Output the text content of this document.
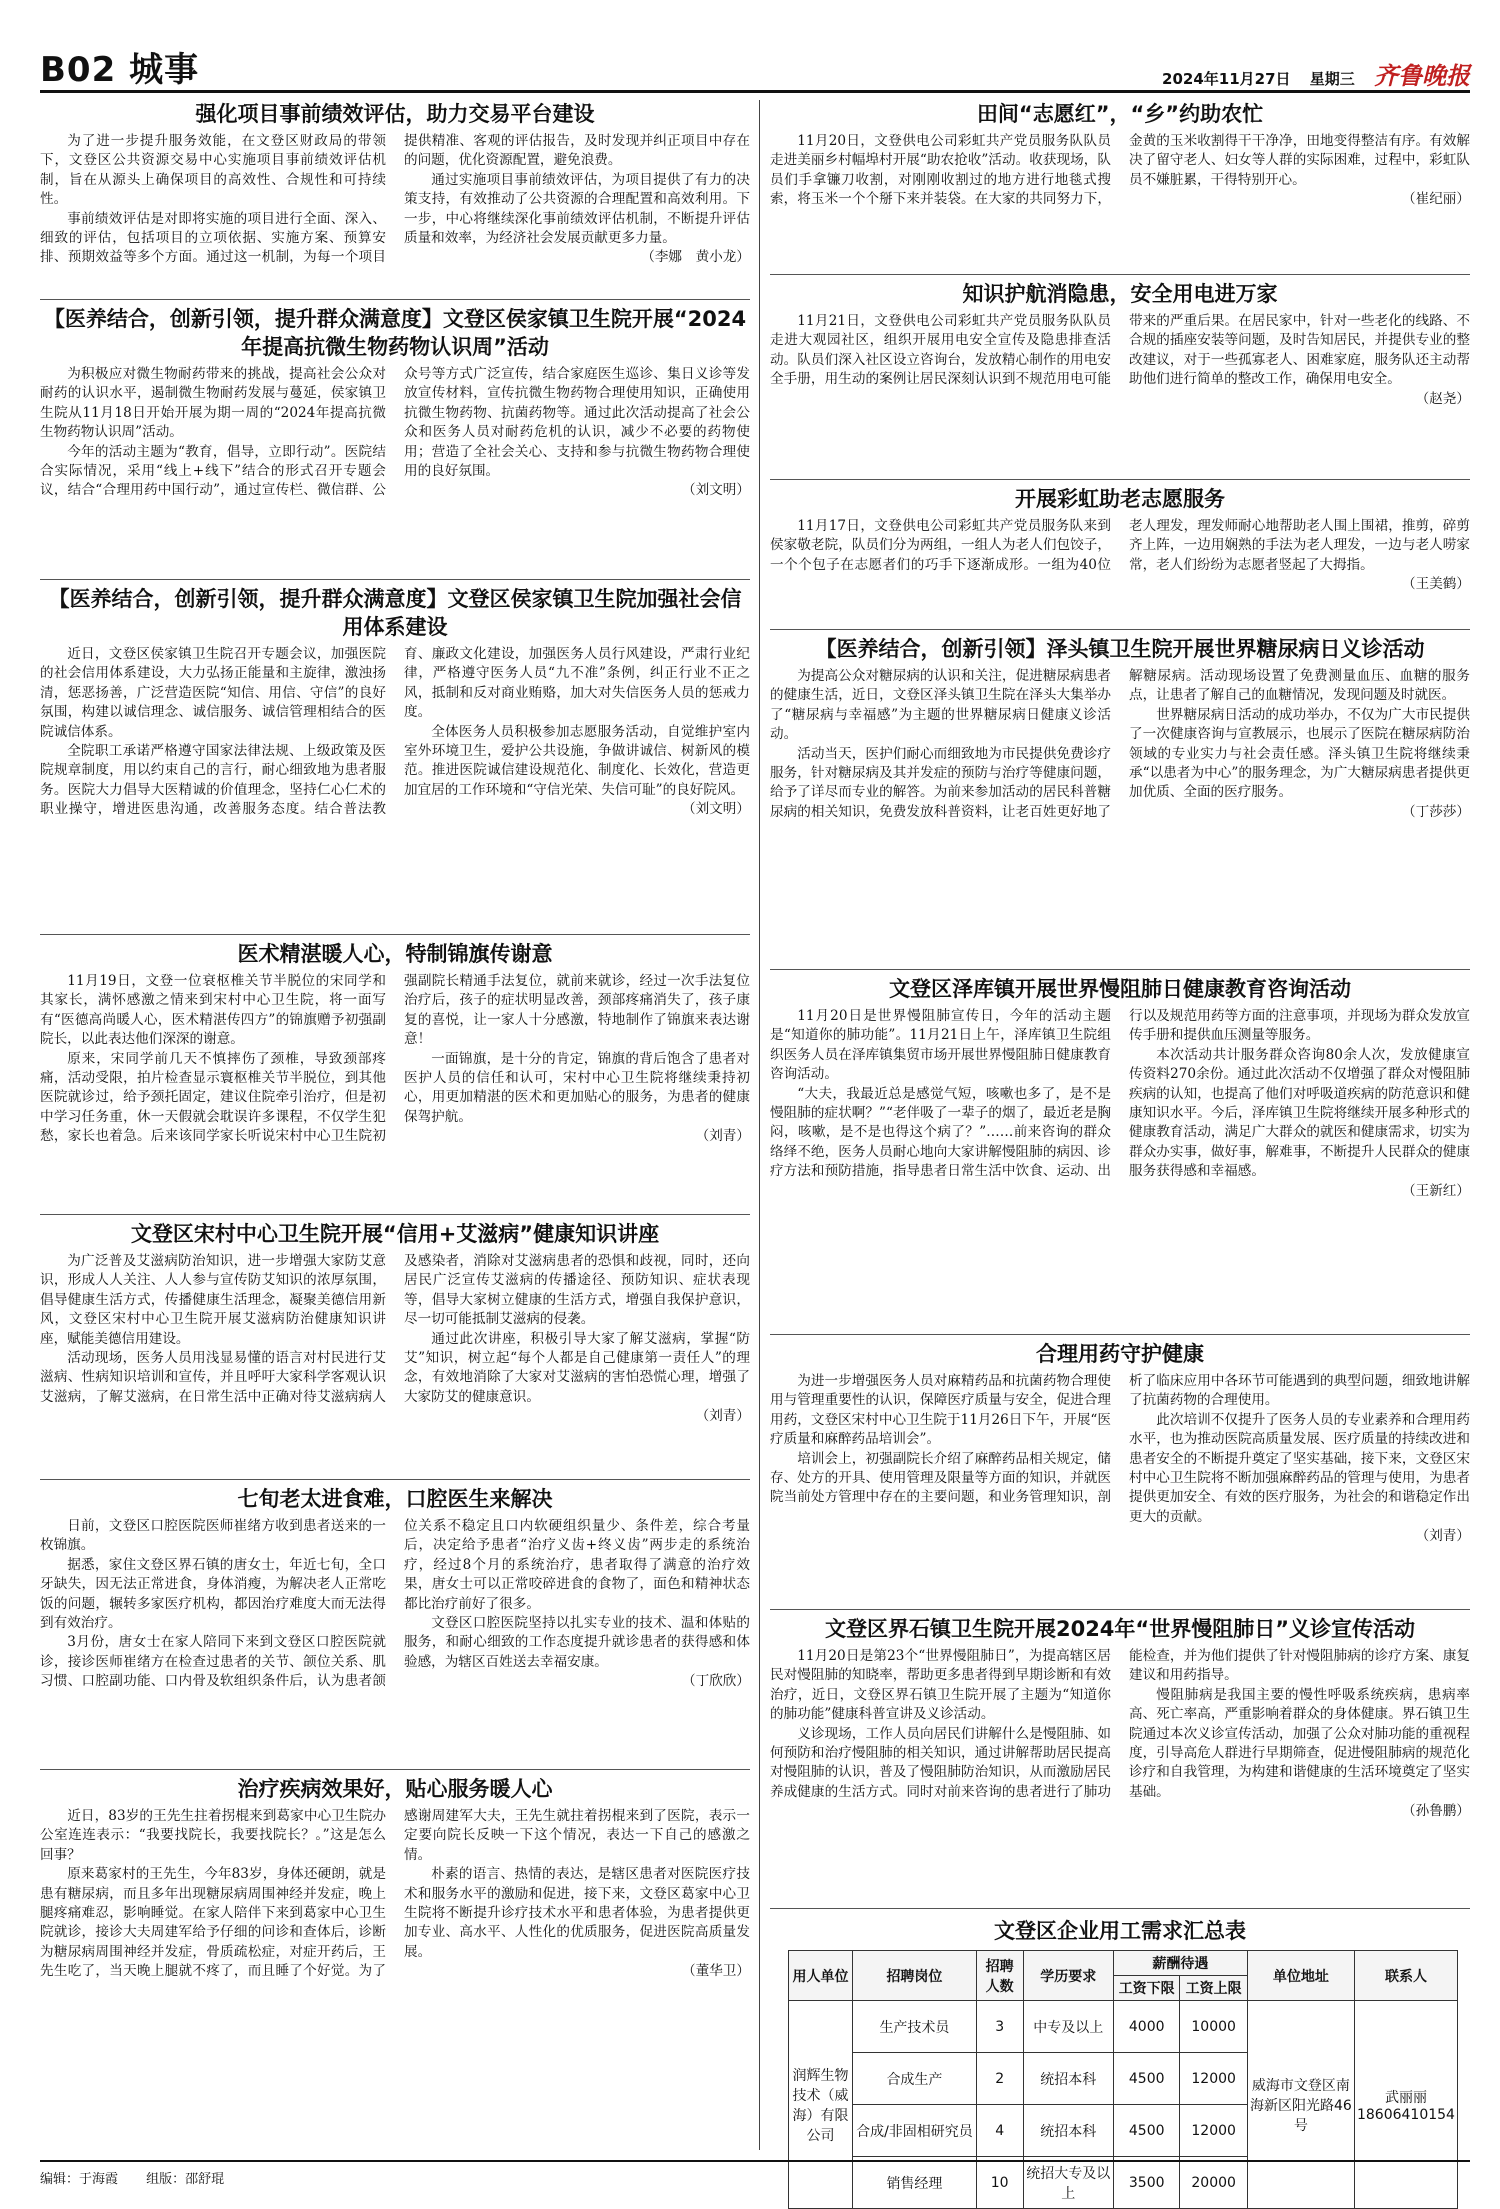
B02 城事	2024年11月27日 星期三 齐鲁晚报
强化项目事前绩效评估，助力交易平台建设

为了进一步提升服务效能，在文登区财政局的带领下，文登区公共资源交易中心实施项目事前绩效评估机制，旨在从源头上确保项目的高效性、合规性和可持续性。

事前绩效评估是对即将实施的项目进行全面、深入、细致的评估，包括项目的立项依据、实施方案、预算安排、预期效益等多个方面。通过这一机制，为每一个项目提供精准、客观的评估报告，及时发现并纠正项目中存在的问题，优化资源配置，避免浪费。

通过实施项目事前绩效评估，为项目提供了有力的决策支持，有效推动了公共资源的合理配置和高效利用。下一步，中心将继续深化事前绩效评估机制，不断提升评估质量和效率，为经济社会发展贡献更多力量。

（李娜　黄小龙）
【医养结合，创新引领，提升群众满意度】文登区侯家镇卫生院开展“2024年提高抗微生物药物认识周”活动

为积极应对微生物耐药带来的挑战，提高社会公众对耐药的认识水平，遏制微生物耐药发展与蔓延，侯家镇卫生院从11月18日开始开展为期一周的“2024年提高抗微生物药物认识周”活动。

今年的活动主题为“教育，倡导，立即行动”。医院结合实际情况，采用“线上+线下”结合的形式召开专题会议，结合“合理用药中国行动”，通过宣传栏、微信群、公众号等方式广泛宣传，结合家庭医生巡诊、集日义诊等发放宣传材料，宣传抗微生物药物合理使用知识，正确使用抗微生物药物、抗菌药物等。通过此次活动提高了社会公众和医务人员对耐药危机的认识，减少不必要的药物使用；营造了全社会关心、支持和参与抗微生物药物合理使用的良好氛围。

（刘文明）
【医养结合，创新引领，提升群众满意度】文登区侯家镇卫生院加强社会信用体系建设

近日，文登区侯家镇卫生院召开专题会议，加强医院的社会信用体系建设，大力弘扬正能量和主旋律，激浊扬清，惩恶扬善，广泛营造医院“知信、用信、守信”的良好氛围，构建以诚信理念、诚信服务、诚信管理相结合的医院诚信体系。

全院职工承诺严格遵守国家法律法规、上级政策及医院规章制度，用以约束自己的言行，耐心细致地为患者服务。医院大力倡导大医精诚的价值理念，坚持仁心仁术的职业操守，增进医患沟通，改善服务态度。结合普法教育、廉政文化建设，加强医务人员行风建设，严肃行业纪律，严格遵守医务人员“九不准”条例，纠正行业不正之风，抵制和反对商业贿赂，加大对失信医务人员的惩戒力度。

全体医务人员积极参加志愿服务活动，自觉维护室内室外环境卫生，爱护公共设施，争做讲诚信、树新风的模范。推进医院诚信建设规范化、制度化、长效化，营造更加宜居的工作环境和“守信光荣、失信可耻”的良好院风。

（刘文明）
医术精湛暖人心，特制锦旗传谢意

11月19日，文登一位衰枢椎关节半脱位的宋同学和其家长，满怀感激之情来到宋村中心卫生院，将一面写有“医德高尚暖人心，医术精湛传四方”的锦旗赠予初强副院长，以此表达他们深深的谢意。

原来，宋同学前几天不慎摔伤了颈椎，导致颈部疼痛，活动受限，拍片检查显示寰枢椎关节半脱位，到其他医院就诊过，给予颈托固定，建议住院牵引治疗，但是初中学习任务重，休一天假就会耽误许多课程，不仅学生犯愁，家长也着急。后来该同学家长听说宋村中心卫生院初强副院长精通手法复位，就前来就诊，经过一次手法复位治疗后，孩子的症状明显改善，颈部疼痛消失了，孩子康复的喜悦，让一家人十分感激，特地制作了锦旗来表达谢意！

一面锦旗，是十分的肯定，锦旗的背后饱含了患者对医护人员的信任和认可，宋村中心卫生院将继续秉持初心，用更加精湛的医术和更加贴心的服务，为患者的健康保驾护航。

（刘青）
文登区宋村中心卫生院开展“信用+艾滋病”健康知识讲座

为广泛普及艾滋病防治知识，进一步增强大家防艾意识，形成人人关注、人人参与宣传防艾知识的浓厚氛围，倡导健康生活方式，传播健康生活理念，凝聚美德信用新风，文登区宋村中心卫生院开展艾滋病防治健康知识讲座，赋能美德信用建设。

活动现场，医务人员用浅显易懂的语言对村民进行艾滋病、性病知识培训和宣传，并且呼吁大家科学客观认识艾滋病，了解艾滋病，在日常生活中正确对待艾滋病病人及感染者，消除对艾滋病患者的恐惧和歧视，同时，还向居民广泛宣传艾滋病的传播途径、预防知识、症状表现等，倡导大家树立健康的生活方式，增强自我保护意识，尽一切可能抵制艾滋病的侵袭。

通过此次讲座，积极引导大家了解艾滋病，掌握“防艾”知识，树立起“每个人都是自己健康第一责任人”的理念，有效地消除了大家对艾滋病的害怕恐慌心理，增强了大家防艾的健康意识。

（刘青）
七旬老太进食难，口腔医生来解决

日前，文登区口腔医院医师崔绪方收到患者送来的一枚锦旗。

据悉，家住文登区界石镇的唐女士，年近七旬，全口牙缺失，因无法正常进食，身体消瘦，为解决老人正常吃饭的问题，辗转多家医疗机构，都因治疗难度大而无法得到有效治疗。

3月份，唐女士在家人陪同下来到文登区口腔医院就诊，接诊医师崔绪方在检查过患者的关节、颌位关系、肌习惯、口腔副功能、口内骨及软组织条件后，认为患者颌位关系不稳定且口内软硬组织量少、条件差，综合考量后，决定给予患者“治疗义齿+终义齿”两步走的系统治疗，经过8个月的系统治疗，患者取得了满意的治疗效果，唐女士可以正常咬碎进食的食物了，面色和精神状态都比治疗前好了很多。

文登区口腔医院坚持以扎实专业的技术、温和体贴的服务，和耐心细致的工作态度提升就诊患者的获得感和体验感，为辖区百姓送去幸福安康。

（丁欣欣）
治疗疾病效果好，贴心服务暖人心

近日，83岁的王先生拄着拐棍来到葛家中心卫生院办公室连连表示：“我要找院长，我要找院长？。”这是怎么回事？

原来葛家村的王先生，今年83岁，身体还硬朗，就是患有糖尿病，而且多年出现糖尿病周围神经并发症，晚上腿疼痛难忍，影响睡觉。在家人陪伴下来到葛家中心卫生院就诊，接诊大夫周建军给予仔细的问诊和查体后，诊断为糖尿病周围神经并发症，骨质疏松症，对症开药后，王先生吃了，当天晚上腿就不疼了，而且睡了个好觉。为了感谢周建军大夫，王先生就拄着拐棍来到了医院，表示一定要向院长反映一下这个情况，表达一下自己的感激之情。

朴素的语言、热情的表达，是辖区患者对医院医疗技术和服务水平的激励和促进，接下来，文登区葛家中心卫生院将不断提升诊疗技术水平和患者体验，为患者提供更加专业、高水平、人性化的优质服务，促进医院高质量发展。

（董华卫）
田间“志愿红”，“乡”约助农忙

11月20日，文登供电公司彩虹共产党员服务队队员走进美丽乡村幅埠村开展“助农抢收”活动。收获现场，队员们手拿镰刀收割，对刚刚收割过的地方进行地毯式搜索，将玉米一个个掰下来并装袋。在大家的共同努力下，金黄的玉米收割得干干净净，田地变得整洁有序。有效解决了留守老人、妇女等人群的实际困难，过程中，彩虹队员不嫌脏累，干得特别开心。

（崔纪丽）
知识护航消隐患，安全用电进万家

11月21日，文登供电公司彩虹共产党员服务队队员走进大观园社区，组织开展用电安全宣传及隐患排查活动。队员们深入社区设立咨询台，发放精心制作的用电安全手册，用生动的案例让居民深刻认识到不规范用电可能带来的严重后果。在居民家中，针对一些老化的线路、不合规的插座安装等问题，及时告知居民，并提供专业的整改建议，对于一些孤寡老人、困难家庭，服务队还主动帮助他们进行简单的整改工作，确保用电安全。

（赵尧）
开展彩虹助老志愿服务

11月17日，文登供电公司彩虹共产党员服务队来到侯家敬老院，队员们分为两组，一组人为老人们包饺子，一个个包子在志愿者们的巧手下逐渐成形。一组为40位老人理发，理发师耐心地帮助老人围上围裙，推剪，碎剪齐上阵，一边用娴熟的手法为老人理发，一边与老人唠家常，老人们纷纷为志愿者竖起了大拇指。

（王美鹤）
【医养结合，创新引领】泽头镇卫生院开展世界糖尿病日义诊活动

为提高公众对糖尿病的认识和关注，促进糖尿病患者的健康生活，近日，文登区泽头镇卫生院在泽头大集举办了“糖尿病与幸福感”为主题的世界糖尿病日健康义诊活动。

活动当天，医护们耐心而细致地为市民提供免费诊疗服务，针对糖尿病及其并发症的预防与治疗等健康问题，给予了详尽而专业的解答。为前来参加活动的居民科普糖尿病的相关知识，免费发放科普资料，让老百姓更好地了解糖尿病。活动现场设置了免费测量血压、血糖的服务点，让患者了解自己的血糖情况，发现问题及时就医。

世界糖尿病日活动的成功举办，不仅为广大市民提供了一次健康咨询与宣教展示，也展示了医院在糖尿病防治领域的专业实力与社会责任感。泽头镇卫生院将继续秉承“以患者为中心”的服务理念，为广大糖尿病患者提供更加优质、全面的医疗服务。

（丁莎莎）
文登区泽库镇开展世界慢阻肺日健康教育咨询活动

11月20日是世界慢阻肺宣传日，今年的活动主题是“知道你的肺功能”。11月21日上午，泽库镇卫生院组织医务人员在泽库镇集贸市场开展世界慢阻肺日健康教育咨询活动。

“大夫，我最近总是感觉气短，咳嗽也多了，是不是慢阻肺的症状啊？”“老伴吸了一辈子的烟了，最近老是胸闷，咳嗽，是不是也得这个病了？”……前来咨询的群众络绎不绝，医务人员耐心地向大家讲解慢阻肺的病因、诊疗方法和预防措施，指导患者日常生活中饮食、运动、出行以及规范用药等方面的注意事项，并现场为群众发放宣传手册和提供血压测量等服务。

本次活动共计服务群众咨询80余人次，发放健康宣传资料270余份。通过此次活动不仅增强了群众对慢阻肺疾病的认知，也提高了他们对呼吸道疾病的防范意识和健康知识水平。今后，泽库镇卫生院将继续开展多种形式的健康教育活动，满足广大群众的就医和健康需求，切实为群众办实事，做好事，解难事，不断提升人民群众的健康服务获得感和幸福感。

（王新红）
合理用药守护健康

为进一步增强医务人员对麻精药品和抗菌药物合理使用与管理重要性的认识，保障医疗质量与安全，促进合理用药，文登区宋村中心卫生院于11月26日下午，开展“医疗质量和麻醉药品培训会”。

培训会上，初强副院长介绍了麻醉药品相关规定，储存、处方的开具、使用管理及限量等方面的知识，并就医院当前处方管理中存在的主要问题，和业务管理知识，剖析了临床应用中各环节可能遇到的典型问题，细致地讲解了抗菌药物的合理使用。

此次培训不仅提升了医务人员的专业素养和合理用药水平，也为推动医院高质量发展、医疗质量的持续改进和患者安全的不断提升奠定了坚实基础，接下来，文登区宋村中心卫生院将不断加强麻醉药品的管理与使用，为患者提供更加安全、有效的医疗服务，为社会的和谐稳定作出更大的贡献。

（刘青）
文登区界石镇卫生院开展2024年“世界慢阻肺日”义诊宣传活动

11月20日是第23个“世界慢阻肺日”，为提高辖区居民对慢阻肺的知晓率，帮助更多患者得到早期诊断和有效治疗，近日，文登区界石镇卫生院开展了主题为“知道你的肺功能”健康科普宣讲及义诊活动。

义诊现场，工作人员向居民们讲解什么是慢阻肺、如何预防和治疗慢阻肺的相关知识，通过讲解帮助居民提高对慢阻肺的认识，普及了慢阻肺防治知识，从而激励居民养成健康的生活方式。同时对前来咨询的患者进行了肺功能检查，并为他们提供了针对慢阻肺病的诊疗方案、康复建议和用药指导。

慢阻肺病是我国主要的慢性呼吸系统疾病，患病率高、死亡率高，严重影响着群众的身体健康。界石镇卫生院通过本次义诊宣传活动，加强了公众对肺功能的重视程度，引导高危人群进行早期筛查，促进慢阻肺病的规范化诊疗和自我管理，为构建和谐健康的生活环境奠定了坚实基础。

（孙鲁鹏）
文登区企业用工需求汇总表
用人单位	招聘岗位	招聘人数	学历要求	薪酬待遇		单位地址	联系人
				工资下限	工资上限		
润辉生物技术（威海）有限公司	生产技术员	3	中专及以上	4000	10000	威海市文登区南海新区阳光路46号	武丽丽18606410154
	合成生产	2	统招本科	4500	12000		
	合成/非固相研究员	4	统招本科	4500	12000		
	销售经理	10	统招大专及以上	3500	20000		
编辑：于海霞 组版：邵舒琨
